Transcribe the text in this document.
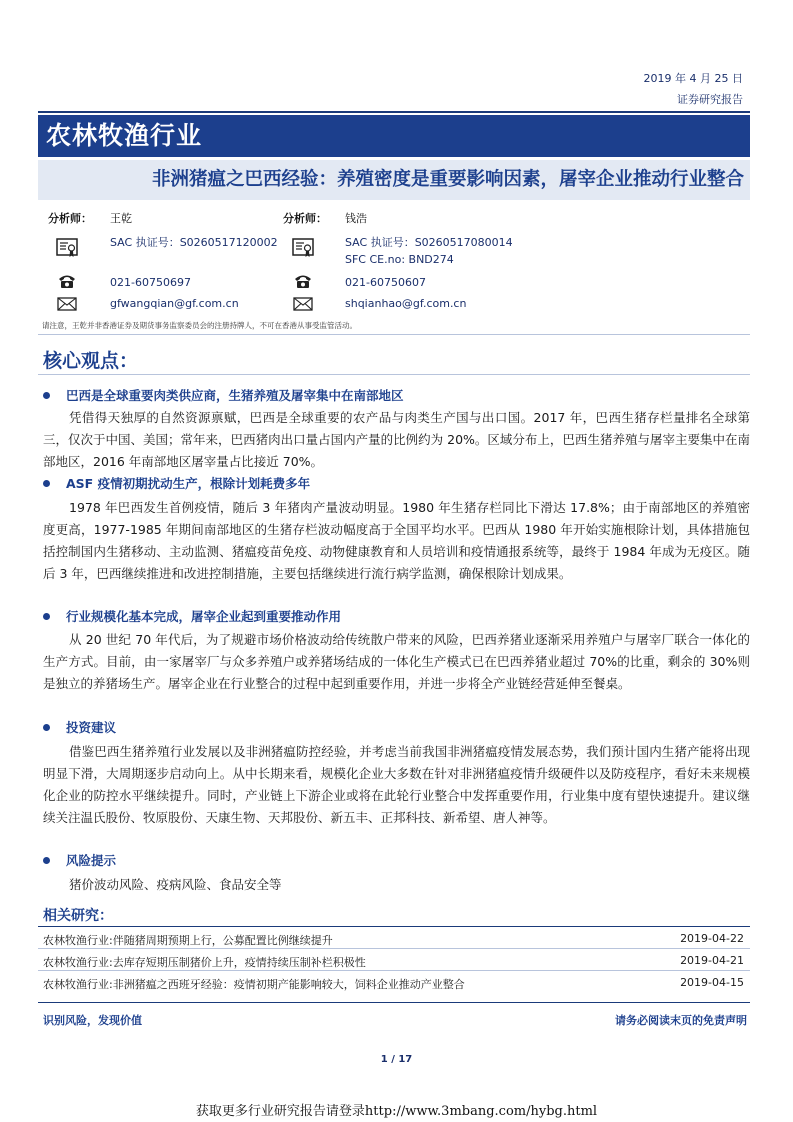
2019 年 4 月 25 日
证券研究报告
农林牧渔行业
非洲猪瘟之巴西经验：养殖密度是重要影响因素，屠宰企业推动行业整合
分析师： 王乾
SAC 执证号：S0260517120002
021-60750697
gfwangqian@gf.com.cn
分析师： 钱浩
SAC 执证号：S0260517080014
SFC CE.no: BND274
021-60750607
shqianhao@gf.com.cn
请注意，王乾并非香港证券及期货事务监察委员会的注册持牌人，不可在香港从事受监管活动。
核心观点：
巴西是全球重要肉类供应商，生猪养殖及屠宰集中在南部地区
凭借得天独厚的自然资源禀赋，巴西是全球重要的农产品与肉类生产国与出口国。2017 年，巴西生猪存栏量排名全球第三，仅次于中国、美国；常年来，巴西猪肉出口量占国内产量的比例约为 20%。区域分布上，巴西生猪养殖与屠宰主要集中在南部地区，2016 年南部地区屠宰量占比接近 70%。
ASF 疫情初期扰动生产，根除计划耗费多年
1978 年巴西发生首例疫情，随后 3 年猪肉产量波动明显。1980 年生猪存栏同比下滑达 17.8%；由于南部地区的养殖密度更高，1977-1985 年期间南部地区的生猪存栏波动幅度高于全国平均水平。巴西从 1980 年开始实施根除计划，具体措施包括控制国内生猪移动、主动监测、猪瘟疫苗免疫、动物健康教育和人员培训和疫情通报系统等，最终于 1984 年成为无疫区。随后 3 年，巴西继续推进和改进控制措施，主要包括继续进行流行病学监测，确保根除计划成果。
行业规模化基本完成，屠宰企业起到重要推动作用
从 20 世纪 70 年代后，为了规避市场价格波动给传统散户带来的风险，巴西养猪业逐渐采用养殖户与屠宰厂联合一体化的生产方式。目前，由一家屠宰厂与众多养殖户或养猪场结成的一体化生产模式已在巴西养猪业超过 70%的比重，剩余的 30%则是独立的养猪场生产。屠宰企业在行业整合的过程中起到重要作用，并进一步将全产业链经营延伸至餐桌。
投资建议
借鉴巴西生猪养殖行业发展以及非洲猪瘟防控经验，并考虑当前我国非洲猪瘟疫情发展态势，我们预计国内生猪产能将出现明显下滑，大周期逐步启动向上。从中长期来看，规模化企业大多数在针对非洲猪瘟疫情升级硬件以及防疫程序，看好未来规模化企业的防控水平继续提升。同时，产业链上下游企业或将在此轮行业整合中发挥重要作用，行业集中度有望快速提升。建议继续关注温氏股份、牧原股份、天康生物、天邦股份、新五丰、正邦科技、新希望、唐人神等。
风险提示
猪价波动风险、疫病风险、食品安全等
相关研究：
农林牧渔行业:伴随猪周期预期上行，公募配置比例继续提升	2019-04-22
农林牧渔行业:去库存短期压制猪价上升，疫情持续压制补栏积极性	2019-04-21
农林牧渔行业:非洲猪瘟之西班牙经验：疫情初期产能影响较大，饲料企业推动产业整合	2019-04-15
识别风险，发现价值	请务必阅读末页的免责声明
1 / 17
获取更多行业研究报告请登录http://www.3mbang.com/hybg.html
